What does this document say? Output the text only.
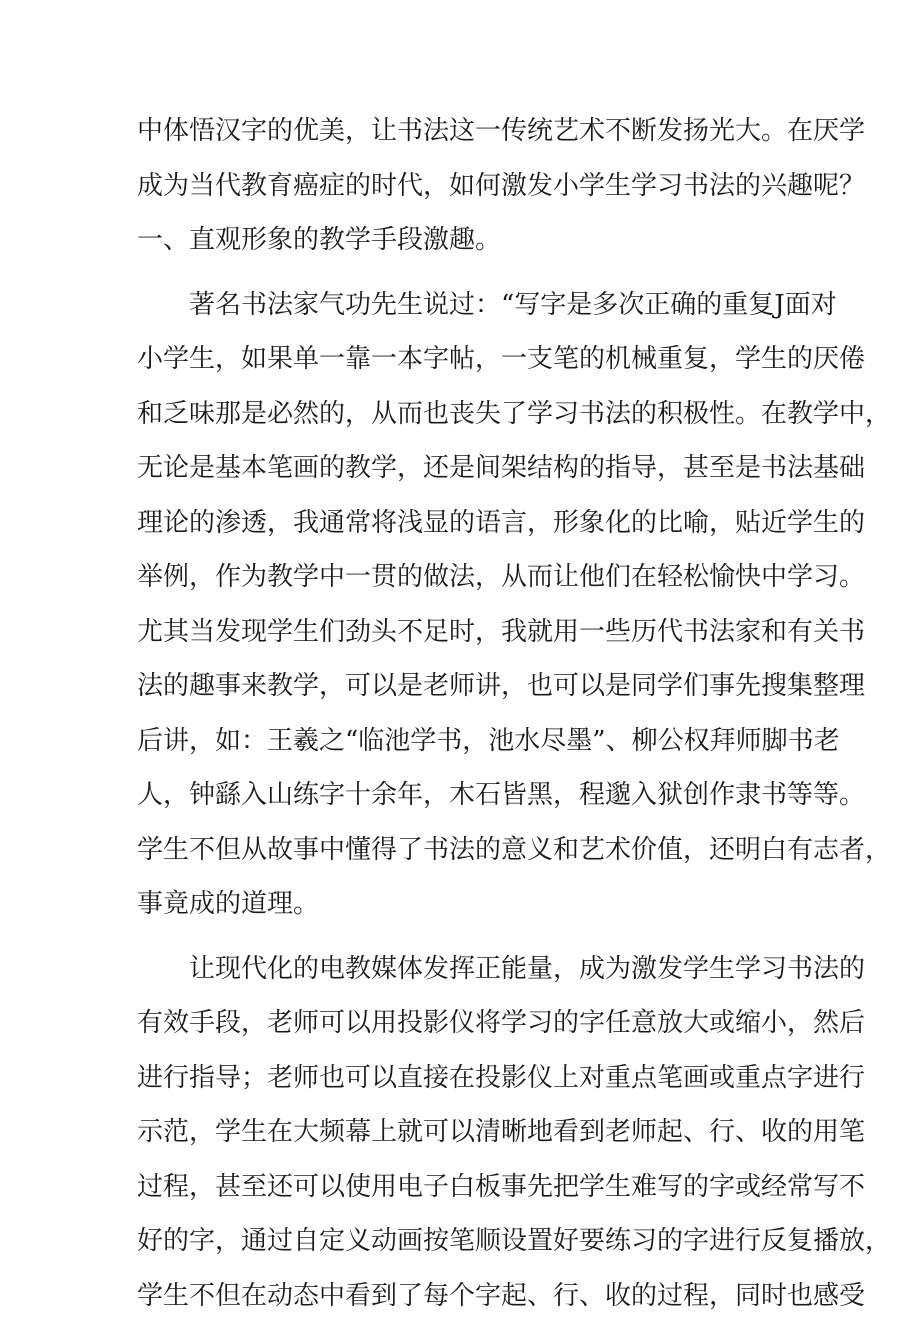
中体悟汉字的优美，让书法这一传统艺术不断发扬光大。在厌学
成为当代教育癌症的时代，如何激发小学生学习书法的兴趣呢？
一、直观形象的教学手段激趣。
著名书法家气功先生说过：“写字是多次正确的重复J面对
小学生，如果单一靠一本字帖，一支笔的机械重复，学生的厌倦
和乏味那是必然的，从而也丧失了学习书法的积极性。在教学中，
无论是基本笔画的教学，还是间架结构的指导，甚至是书法基础
理论的渗透，我通常将浅显的语言，形象化的比喻，贴近学生的
举例，作为教学中一贯的做法，从而让他们在轻松愉快中学习。
尤其当发现学生们劲头不足时，我就用一些历代书法家和有关书
法的趣事来教学，可以是老师讲，也可以是同学们事先搜集整理
后讲，如：王羲之“临池学书，池水尽墨”、柳公权拜师脚书老
人，钟繇入山练字十余年，木石皆黑，程邈入狱创作隶书等等。
学生不但从故事中懂得了书法的意义和艺术价值，还明白有志者，
事竟成的道理。
让现代化的电教媒体发挥正能量，成为激发学生学习书法的
有效手段，老师可以用投影仪将学习的字任意放大或缩小，然后
进行指导；老师也可以直接在投影仪上对重点笔画或重点字进行
示范，学生在大频幕上就可以清晰地看到老师起、行、收的用笔
过程，甚至还可以使用电子白板事先把学生难写的字或经常写不
好的字，通过自定义动画按笔顺设置好要练习的字进行反复播放，
学生不但在动态中看到了每个字起、行、收的过程，同时也感受
